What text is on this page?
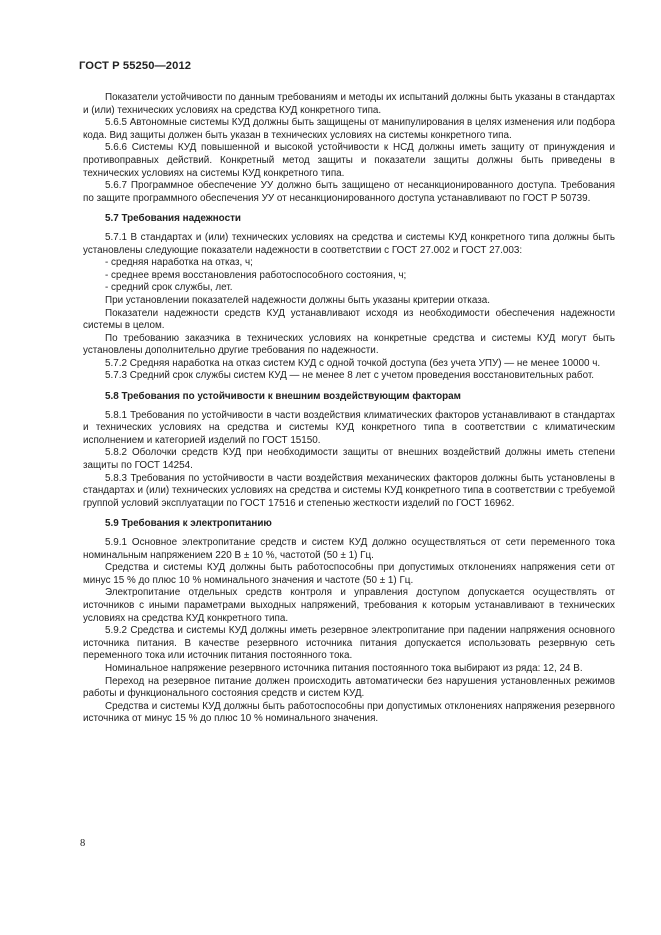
ГОСТ Р 55250—2012

Показатели устойчивости по данным требованиям и методы их испытаний должны быть указаны в стандартах и (или) технических условиях на средства КУД конкретного типа.

5.6.5 Автономные системы КУД должны быть защищены от манипулирования в целях изменения или подбора кода. Вид защиты должен быть указан в технических условиях на системы конкретного типа.

5.6.6 Системы КУД повышенной и высокой устойчивости к НСД должны иметь защиту от принуждения и противоправных действий. Конкретный метод защиты и показатели защиты должны быть приведены в технических условиях на системы КУД конкретного типа.

5.6.7 Программное обеспечение УУ должно быть защищено от несанкционированного доступа. Требования по защите программного обеспечения УУ от несанкционированного доступа устанавливают по ГОСТ Р 50739.

5.7 Требования надежности

5.7.1 В стандартах и (или) технических условиях на средства и системы КУД конкретного типа должны быть установлены следующие показатели надежности в соответствии с ГОСТ 27.002 и ГОСТ 27.003:

- средняя наработка на отказ, ч;

- среднее время восстановления работоспособного состояния, ч;

- средний срок службы, лет.

При установлении показателей надежности должны быть указаны критерии отказа.

Показатели надежности средств КУД устанавливают исходя из необходимости обеспечения надежности системы в целом.

По требованию заказчика в технических условиях на конкретные средства и системы КУД могут быть установлены дополнительно другие требования по надежности.

5.7.2 Средняя наработка на отказ систем КУД с одной точкой доступа (без учета УПУ) — не менее 10000 ч.

5.7.3 Средний срок службы систем КУД — не менее 8 лет с учетом проведения восстановительных работ.

5.8 Требования по устойчивости к внешним воздействующим факторам

5.8.1 Требования по устойчивости в части воздействия климатических факторов устанавливают в стандартах и технических условиях на средства и системы КУД конкретного типа в соответствии с климатическим исполнением и категорией изделий по ГОСТ 15150.

5.8.2 Оболочки средств КУД при необходимости защиты от внешних воздействий должны иметь степени защиты по ГОСТ 14254.

5.8.3 Требования по устойчивости в части воздействия механических факторов должны быть установлены в стандартах и (или) технических условиях на средства и системы КУД конкретного типа в соответствии с требуемой группой условий эксплуатации по ГОСТ 17516 и степенью жесткости изделий по ГОСТ 16962.

5.9 Требования к электропитанию

5.9.1 Основное электропитание средств и систем КУД должно осуществляться от сети переменного тока номинальным напряжением 220 В ± 10 %, частотой (50 ± 1) Гц.

Средства и системы КУД должны быть работоспособны при допустимых отклонениях напряжения сети от минус 15 % до плюс 10 % номинального значения и частоте (50 ± 1) Гц.

Электропитание отдельных средств контроля и управления доступом допускается осуществлять от источников с иными параметрами выходных напряжений, требования к которым устанавливают в технических условиях на средства КУД конкретного типа.

5.9.2 Средства и системы КУД должны иметь резервное электропитание при падении напряжения основного источника питания. В качестве резервного источника питания допускается использовать резервную сеть переменного тока или источник питания постоянного тока.

Номинальное напряжение резервного источника питания постоянного тока выбирают из ряда: 12, 24 В.

Переход на резервное питание должен происходить автоматически без нарушения установленных режимов работы и функционального состояния средств и систем КУД.

Средства и системы КУД должны быть работоспособны при допустимых отклонениях напряжения резервного источника от минус 15 % до плюс 10 % номинального значения.

8
